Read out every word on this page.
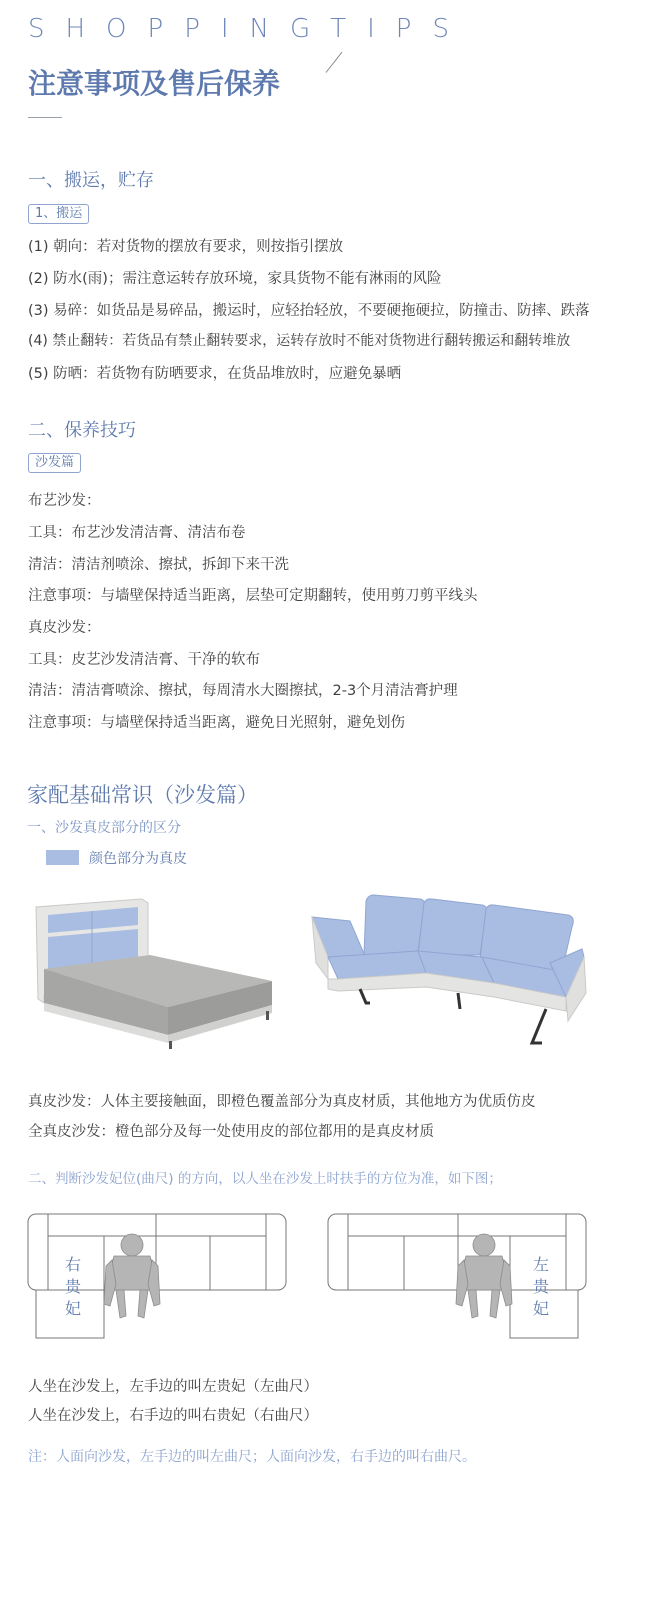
SHOPPINGTIPS
注意事项及售后保养
一、搬运，贮存
1、搬运
(1) 朝向：若对货物的摆放有要求，则按指引摆放
(2) 防水(雨)；需注意运转存放环境，家具货物不能有淋雨的风险
(3) 易碎：如货品是易碎品，搬运时，应轻抬轻放，不要硬拖硬拉，防撞击、防摔、跌落
(4) 禁止翻转：若货品有禁止翻转要求，运转存放时不能对货物进行翻转搬运和翻转堆放
(5) 防晒：若货物有防晒要求，在货品堆放时，应避免暴晒
二、保养技巧
沙发篇
布艺沙发：
工具：布艺沙发清洁膏、清洁布卷
清洁：清洁剂喷涂、擦拭，拆卸下来干洗
注意事项：与墙壁保持适当距离，层垫可定期翻转，使用剪刀剪平线头
真皮沙发：
工具：皮艺沙发清洁膏、干净的软布
清洁：清洁膏喷涂、擦拭，每周清水大圈擦拭，2-3个月清洁膏护理
注意事项：与墙壁保持适当距离，避免日光照射，避免划伤
家配基础常识（沙发篇）
一、沙发真皮部分的区分
颜色部分为真皮
真皮沙发：人体主要接触面，即橙色覆盖部分为真皮材质，其他地方为优质仿皮
全真皮沙发：橙色部分及每一处使用皮的部位都用的是真皮材质
二、判断沙发妃位(曲尺) 的方向，以人坐在沙发上时扶手的方位为准，如下图；
右
贵
妃
左
贵
妃
人坐在沙发上，左手边的叫左贵妃（左曲尺）
人坐在沙发上，右手边的叫右贵妃（右曲尺）
注：人面向沙发，左手边的叫左曲尺；人面向沙发，右手边的叫右曲尺。
